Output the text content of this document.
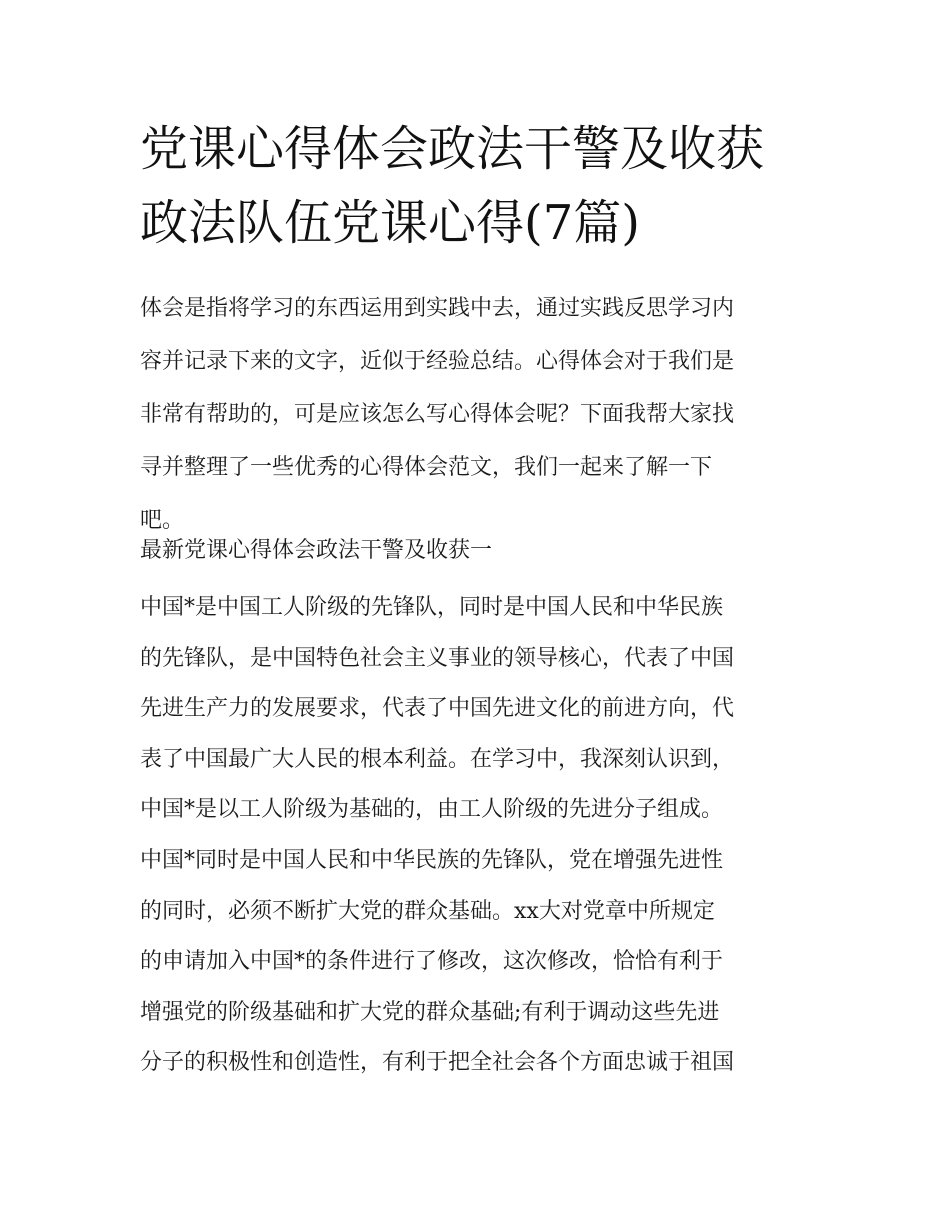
党课心得体会政法干警及收获
政法队伍党课心得(7篇)
体会是指将学习的东西运用到实践中去，通过实践反思学习内
容并记录下来的文字，近似于经验总结。心得体会对于我们是
非常有帮助的，可是应该怎么写心得体会呢？下面我帮大家找
寻并整理了一些优秀的心得体会范文，我们一起来了解一下
吧。
最新党课心得体会政法干警及收获一
中国*是中国工人阶级的先锋队，同时是中国人民和中华民族
的先锋队，是中国特色社会主义事业的领导核心，代表了中国
先进生产力的发展要求，代表了中国先进文化的前进方向，代
表了中国最广大人民的根本利益。在学习中，我深刻认识到，
中国*是以工人阶级为基础的，由工人阶级的先进分子组成。
中国*同时是中国人民和中华民族的先锋队，党在增强先进性
的同时，必须不断扩大党的群众基础。xx大对党章中所规定
的申请加入中国*的条件进行了修改，这次修改，恰恰有利于
增强党的阶级基础和扩大党的群众基础;有利于调动这些先进
分子的积极性和创造性，有利于把全社会各个方面忠诚于祖国
